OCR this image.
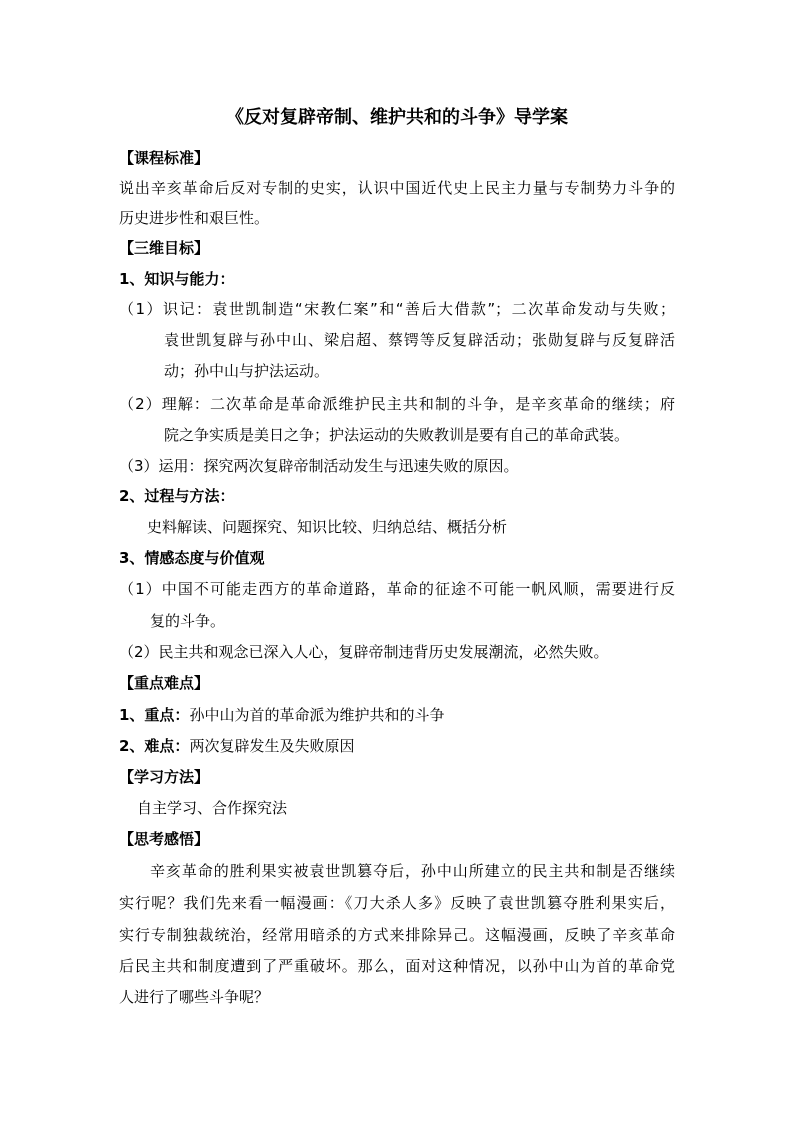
《反对复辟帝制、维护共和的斗争》导学案
【课程标准】
说出辛亥革命后反对专制的史实，认识中国近代史上民主力量与专制势力斗争的
历史进步性和艰巨性。
【三维目标】
1、知识与能力：
（1）识记：袁世凯制造“宋教仁案”和“善后大借款”；二次革命发动与失败；
袁世凯复辟与孙中山、梁启超、蔡锷等反复辟活动；张勋复辟与反复辟活
动；孙中山与护法运动。
（2）理解：二次革命是革命派维护民主共和制的斗争，是辛亥革命的继续；府
院之争实质是美日之争；护法运动的失败教训是要有自己的革命武装。
（3）运用：探究两次复辟帝制活动发生与迅速失败的原因。
2、过程与方法：
史料解读、问题探究、知识比较、归纳总结、概括分析
3、情感态度与价值观
（1）中国不可能走西方的革命道路，革命的征途不可能一帆风顺，需要进行反
复的斗争。
（2）民主共和观念已深入人心，复辟帝制违背历史发展潮流，必然失败。
【重点难点】
1、重点：孙中山为首的革命派为维护共和的斗争
2、难点：两次复辟发生及失败原因
【学习方法】
自主学习、合作探究法
【思考感悟】
辛亥革命的胜利果实被袁世凯篡夺后，孙中山所建立的民主共和制是否继续
实行呢？我们先来看一幅漫画：《刀大杀人多》反映了袁世凯篡夺胜利果实后，
实行专制独裁统治，经常用暗杀的方式来排除异己。这幅漫画，反映了辛亥革命
后民主共和制度遭到了严重破坏。那么，面对这种情况，以孙中山为首的革命党
人进行了哪些斗争呢？
